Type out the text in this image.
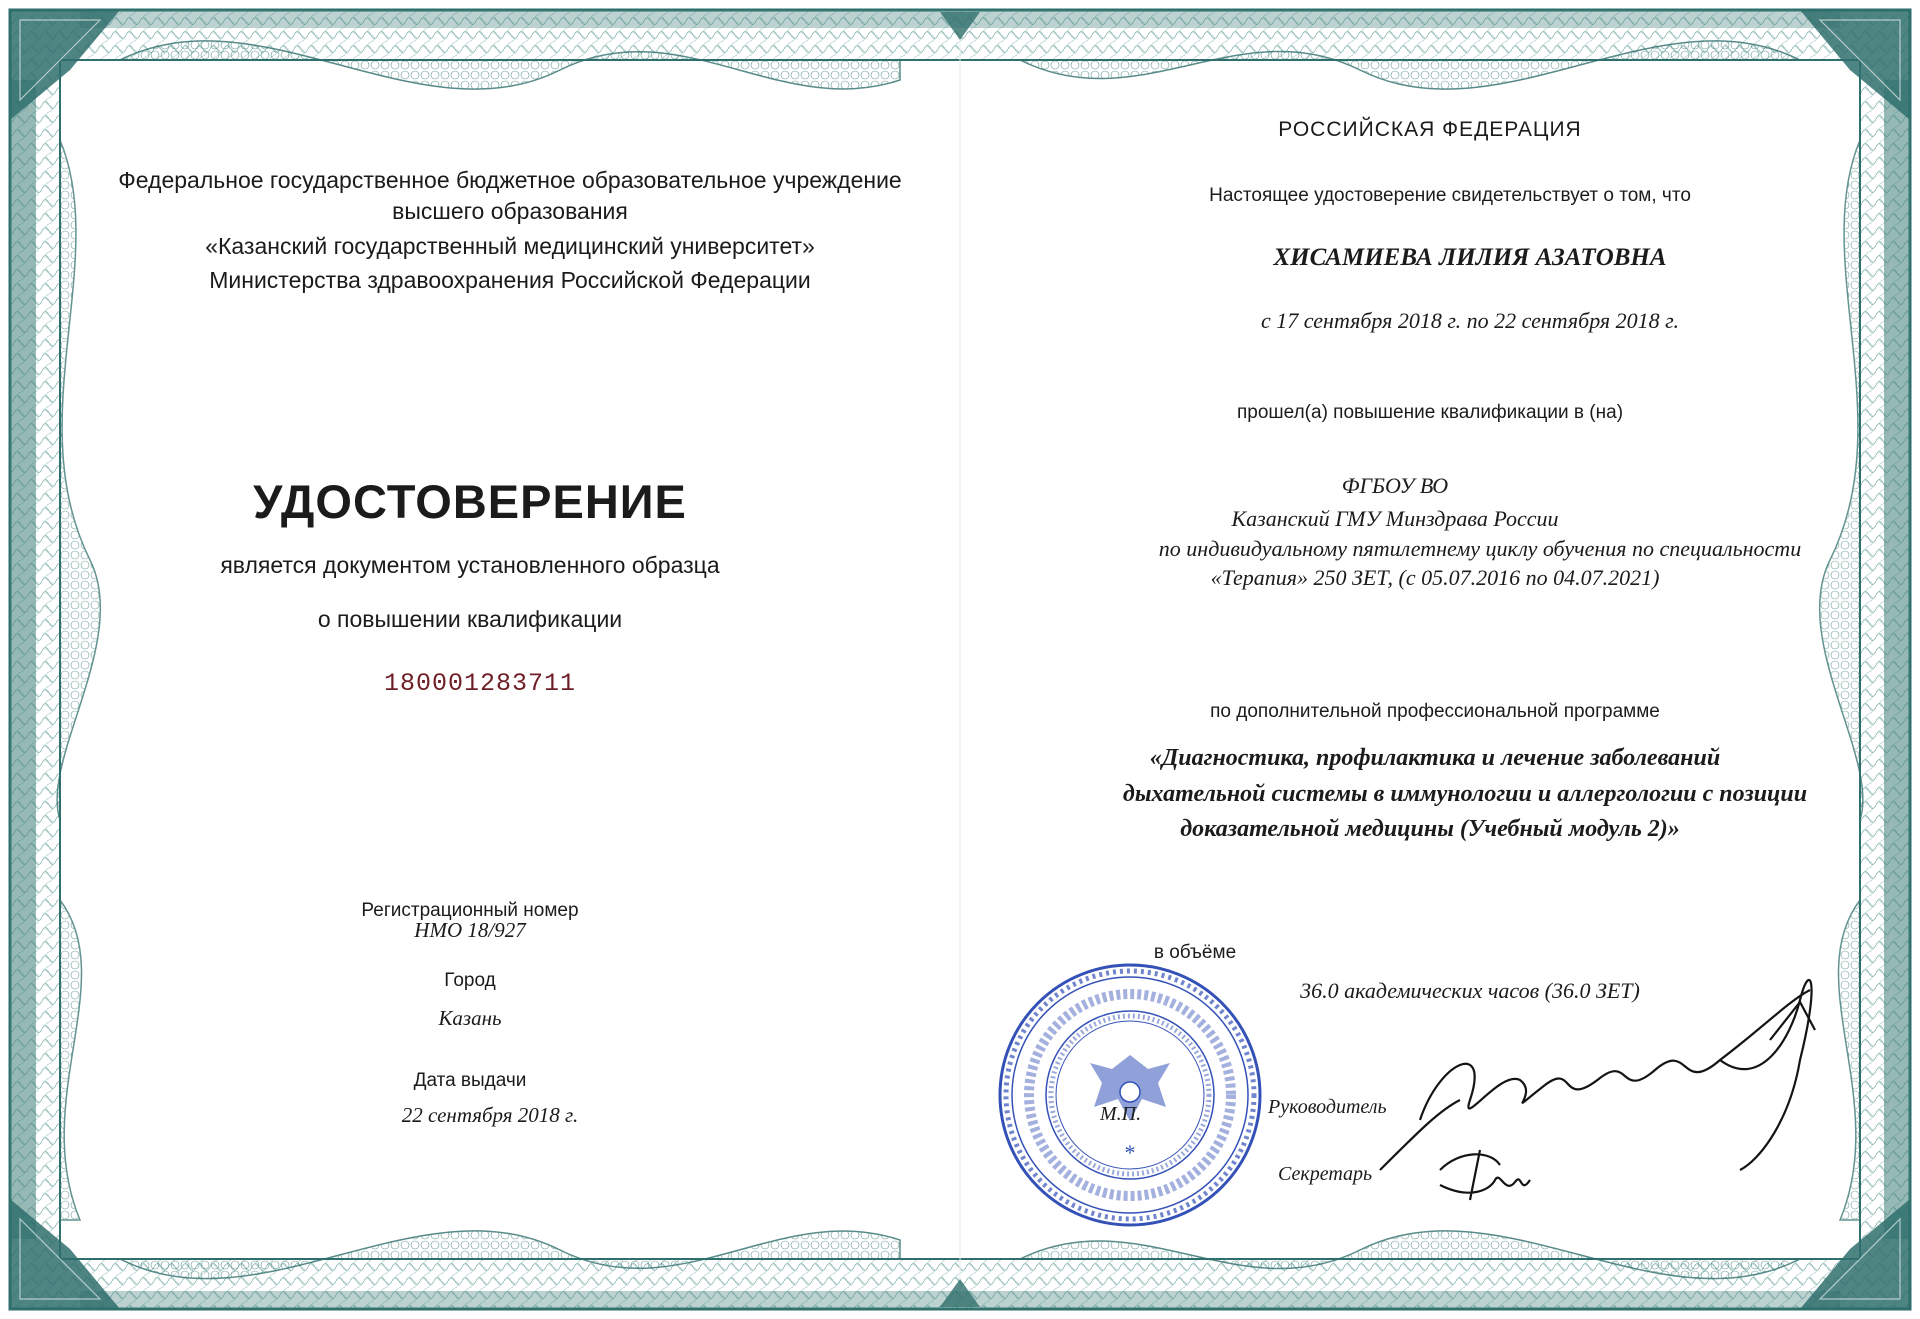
*
Федеральное государственное бюджетное образовательное учреждение
высшего образования
«Казанский государственный медицинский университет»
Министерства здравоохранения Российской Федерации
УДОСТОВЕРЕНИЕ
является документом установленного образца
о повышении квалификации
180001283711
Регистрационный номер
НМО 18/927
Город
Казань
Дата выдачи
22 сентября 2018 г.
РОССИЙСКАЯ ФЕДЕРАЦИЯ
Настоящее удостоверение свидетельствует о том, что
ХИСАМИЕВА ЛИЛИЯ АЗАТОВНА
с 17 сентября 2018 г. по 22 сентября 2018 г.
прошел(а) повышение квалификации в (на)
ФГБОУ ВО
Казанский ГМУ Минздрава России
по индивидуальному пятилетнему циклу обучения по специальности
«Терапия» 250 ЗЕТ, (с 05.07.2016 по 04.07.2021)
по дополнительной профессиональной программе
«Диагностика, профилактика и лечение заболеваний
дыхательной системы в иммунологии и аллергологии с позиции
доказательной медицины (Учебный модуль 2)»
в объёме
36.0 академических часов (36.0 ЗЕТ)
М.П.	Руководитель
Секретарь
